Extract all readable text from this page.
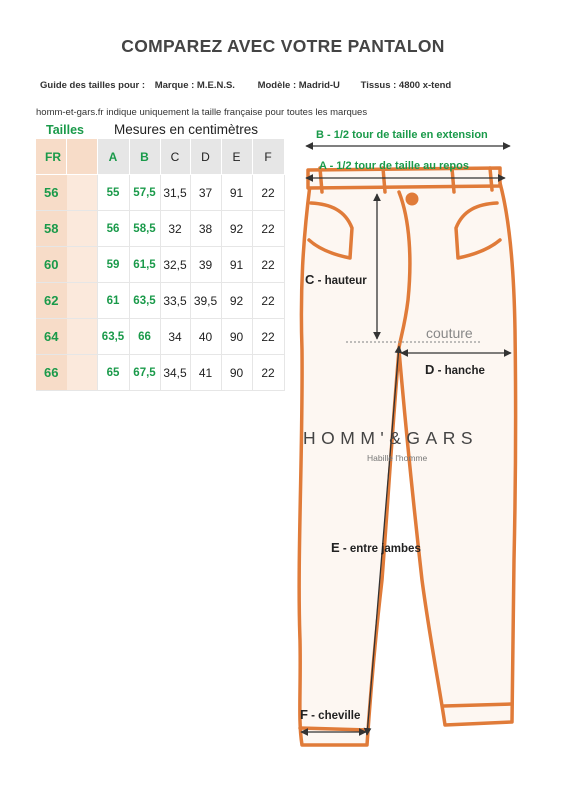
COMPAREZ AVEC VOTRE PANTALON
Guide des tailles pour : Marque : M.E.N.S. Modèle : Madrid-U Tissus : 4800 x-tend
homm-et-gars.fr indique uniquement la taille française pour toutes les marques
Tailles Mesures en centimètres
FR		A	B	C	D	E	F
56		55	57,5	31,5	37	91	22
58		56	58,5	32	38	92	22
60		59	61,5	32,5	39	91	22
62		61	63,5	33,5	39,5	92	22
64		63,5	66	34	40	90	22
66		65	67,5	34,5	41	90	22
B - 1/2 tour de taille en extension
A - 1/2 tour de taille au repos
C - hauteur
couture
D - hanche
HOMM'&GARS
Habille l'homme
E - entre jambes
F - cheville
